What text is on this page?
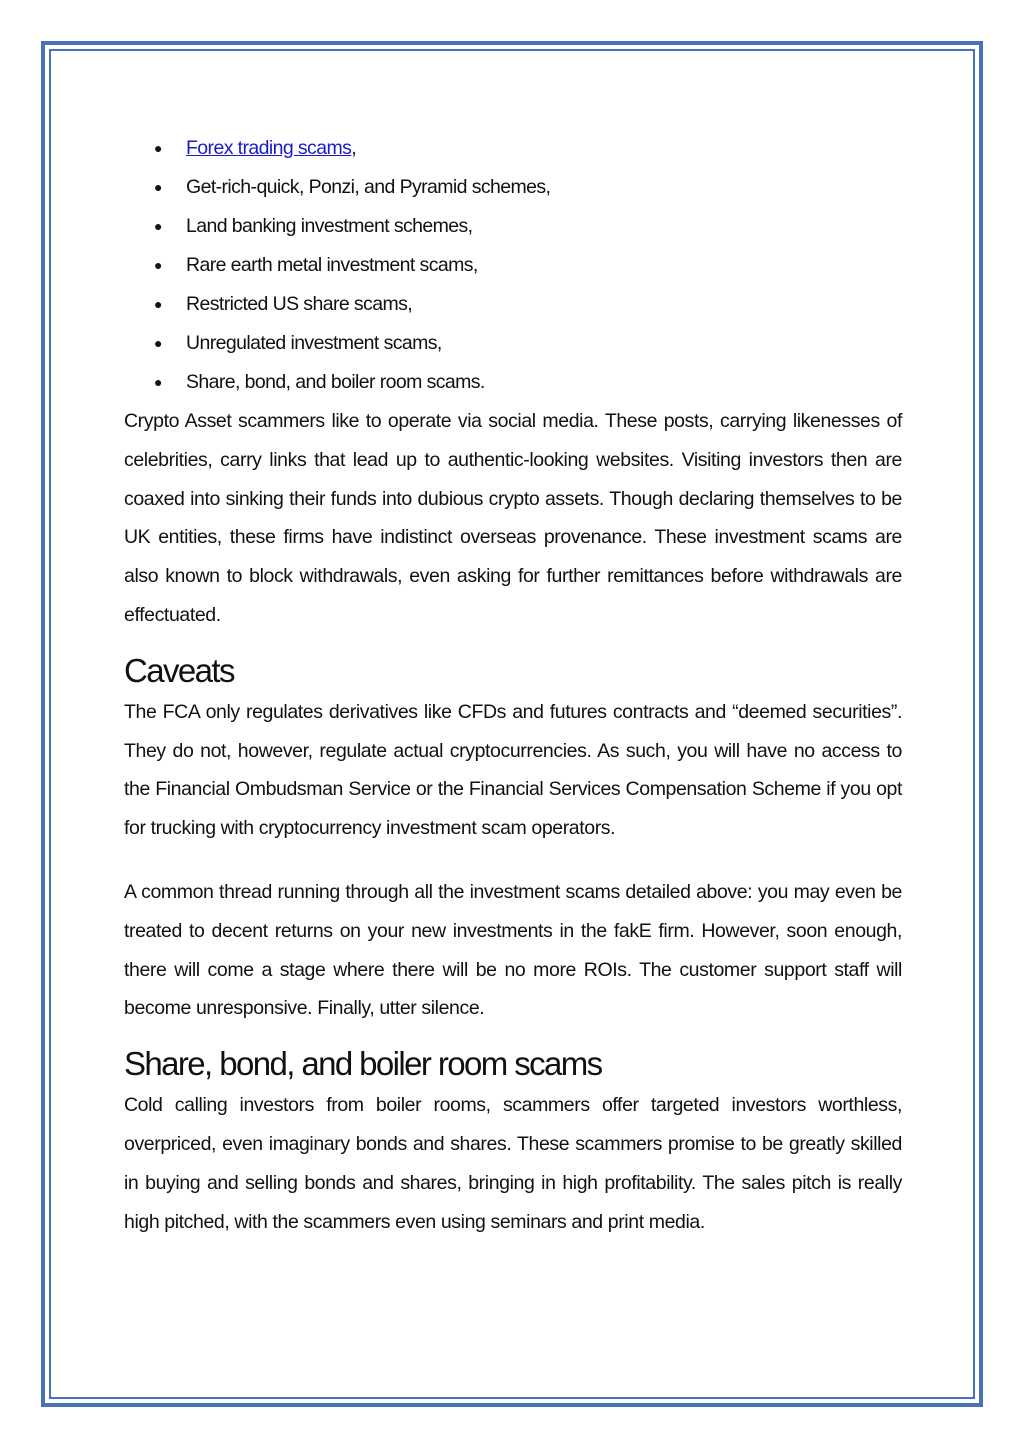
● Forex trading scams,
● Get-rich-quick, Ponzi, and Pyramid schemes,
● Land banking investment schemes,
● Rare earth metal investment scams,
● Restricted US share scams,
● Unregulated investment scams,
● Share, bond, and boiler room scams.

Crypto Asset scammers like to operate via social media. These posts, carrying likenesses of celebrities, carry links that lead up to authentic-looking websites. Visiting investors then are coaxed into sinking their funds into dubious crypto assets. Though declaring themselves to be UK entities, these firms have indistinct overseas provenance. These investment scams are also known to block withdrawals, even asking for further remittances before withdrawals are effectuated.

Caveats

The FCA only regulates derivatives like CFDs and futures contracts and “deemed securities”. They do not, however, regulate actual cryptocurrencies. As such, you will have no access to the Financial Ombudsman Service or the Financial Services Compensation Scheme if you opt for trucking with cryptocurrency investment scam operators.

A common thread running through all the investment scams detailed above: you may even be treated to decent returns on your new investments in the fakE firm. However, soon enough, there will come a stage where there will be no more ROIs. The customer support staff will become unresponsive. Finally, utter silence.

Share, bond, and boiler room scams

Cold calling investors from boiler rooms, scammers offer targeted investors worthless, overpriced, even imaginary bonds and shares. These scammers promise to be greatly skilled in buying and selling bonds and shares, bringing in high profitability. The sales pitch is really high pitched, with the scammers even using seminars and print media.
